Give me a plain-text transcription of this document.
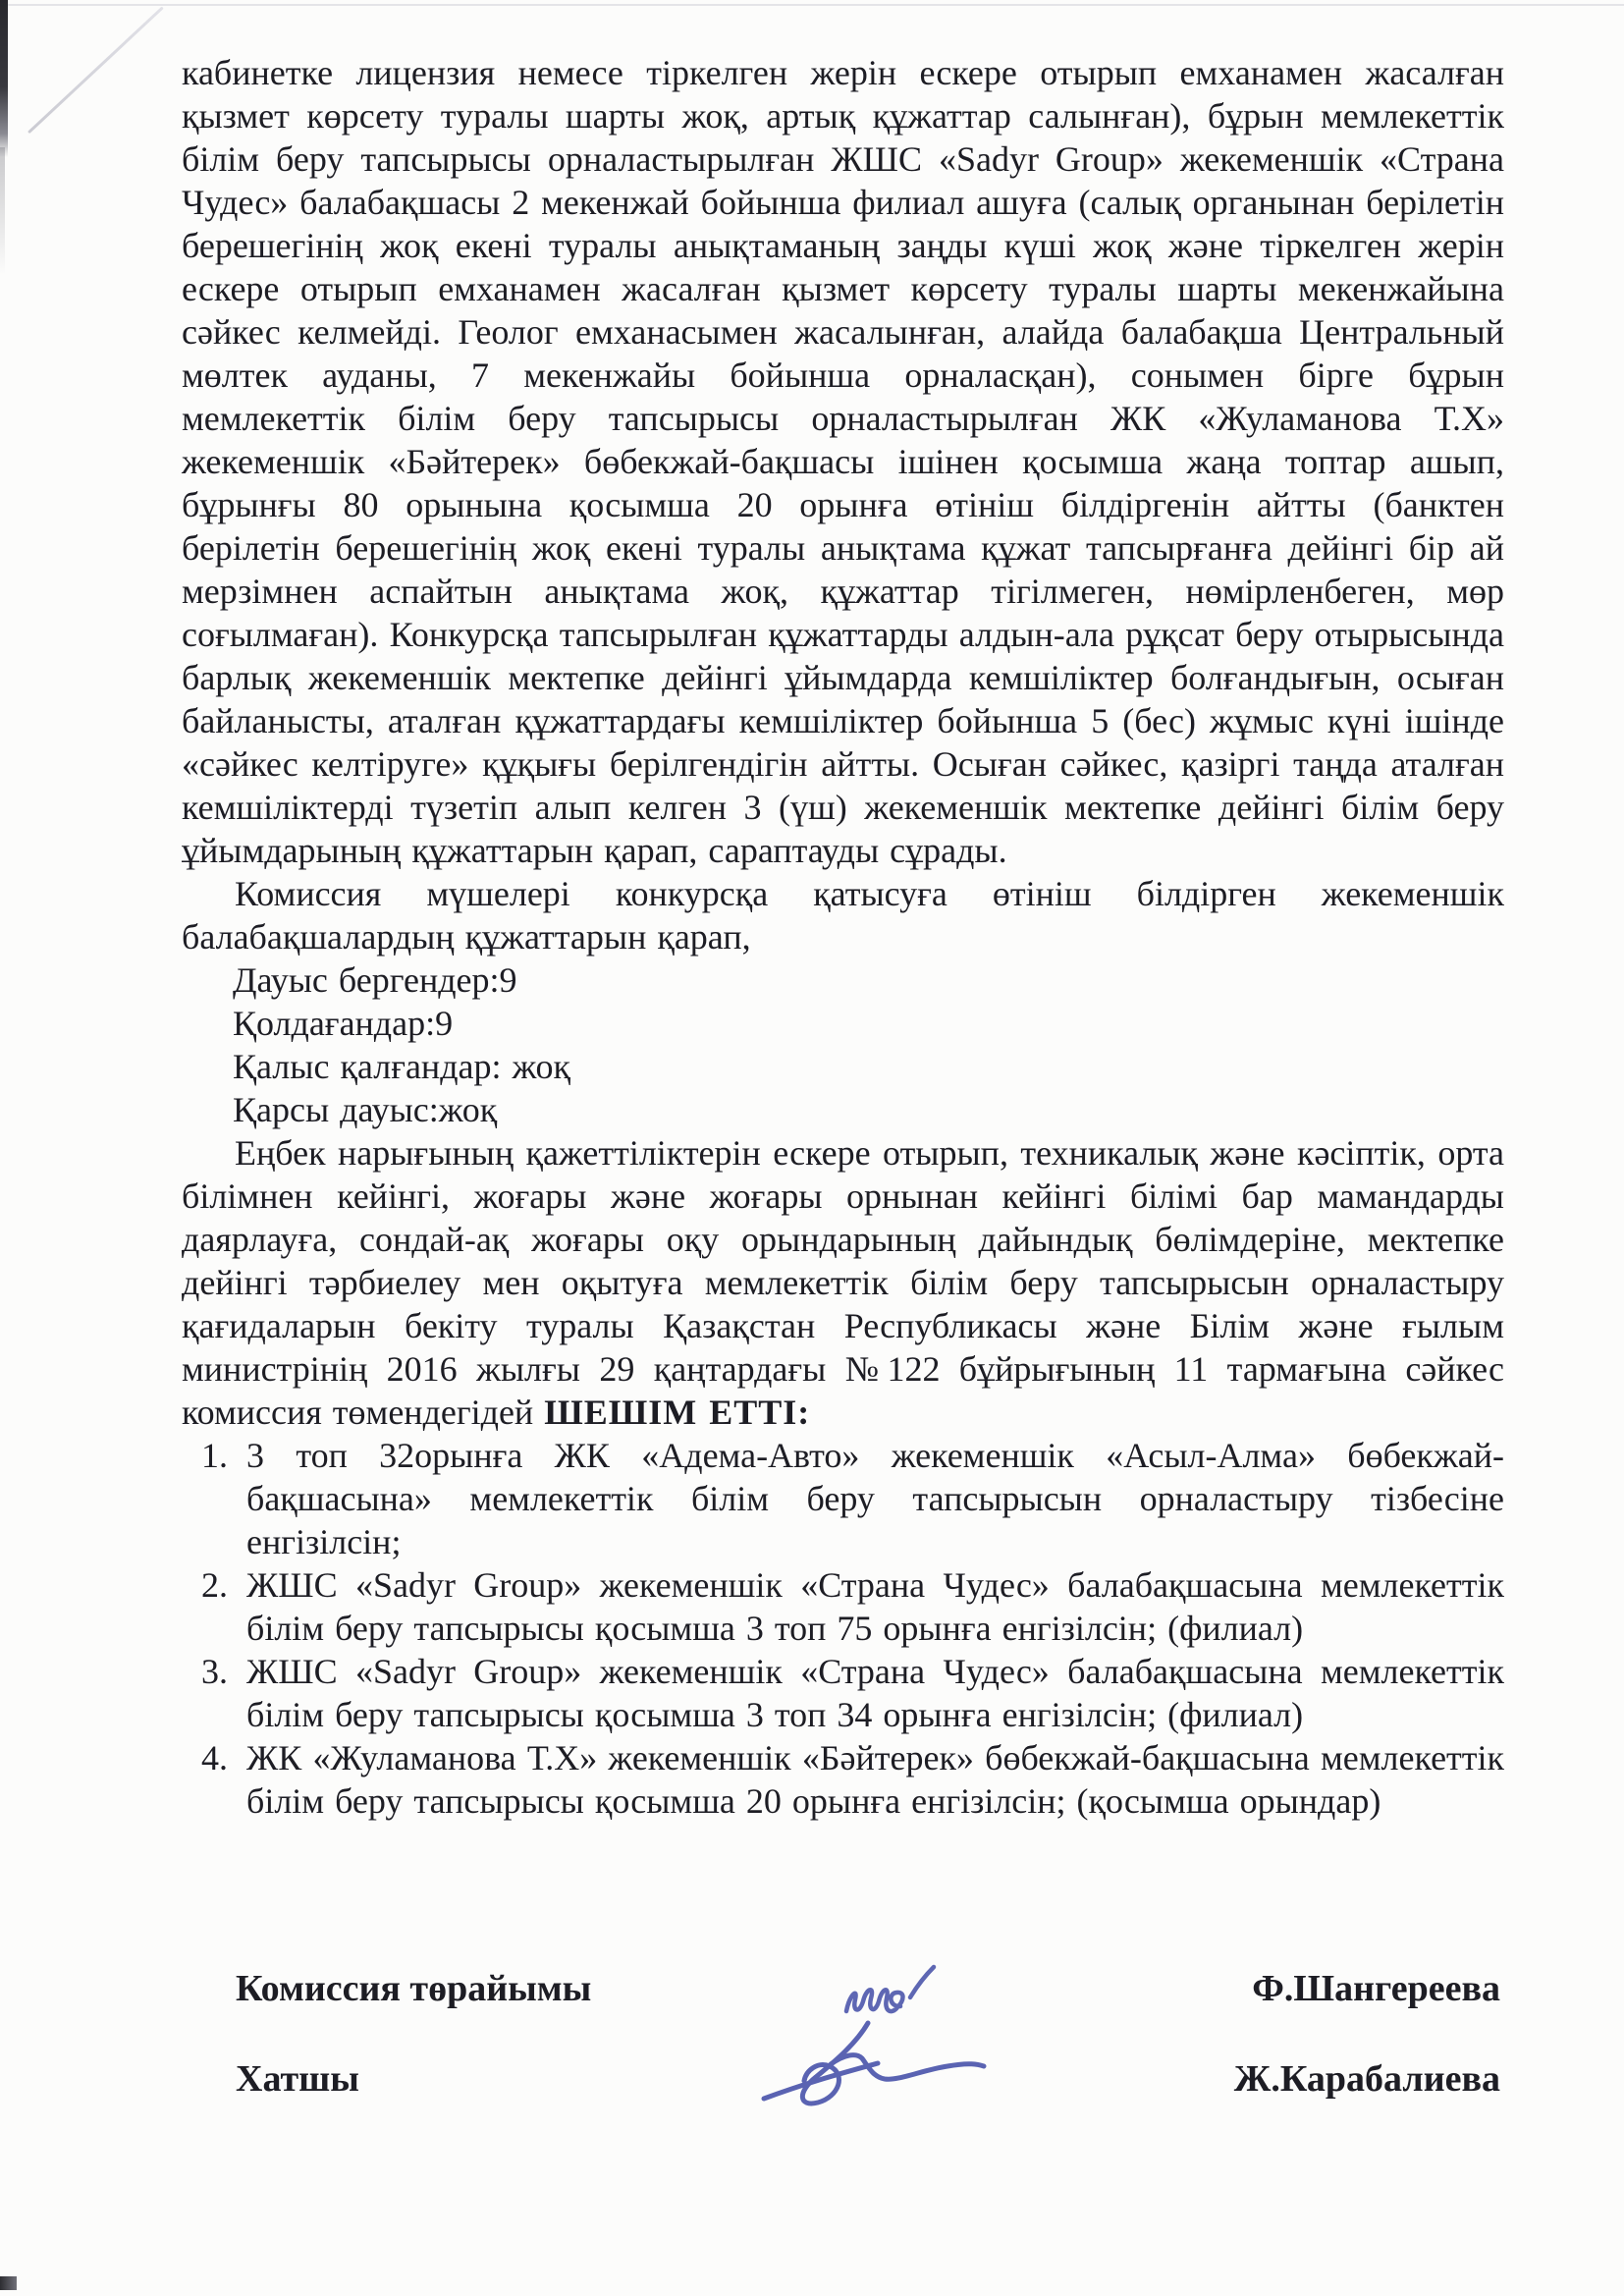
кабинетке лицензия немесе тіркелген жерін ескере отырып емханамен жасалған қызмет көрсету туралы шарты жоқ, артық құжаттар салынған), бұрын мемлекеттік білім беру тапсырысы орналастырылған ЖШС «Sadyr Group» жекеменшік «Страна Чудес» балабақшасы 2 мекенжай бойынша филиал ашуға (салық органынан берілетін берешегінің жоқ екені туралы анықтаманың заңды күші жоқ және тіркелген жерін ескере отырып емханамен жасалған қызмет көрсету туралы шарты мекенжайына сәйкес келмейді. Геолог емханасымен жасалынған, алайда балабақша Центральный мөлтек ауданы, 7 мекенжайы бойынша орналасқан), сонымен бірге бұрын мемлекеттік білім беру тапсырысы орналастырылған ЖК «Жуламанова Т.Х» жекеменшік «Бәйтерек» бөбекжай-бақшасы ішінен қосымша жаңа топтар ашып, бұрынғы 80 орынына қосымша 20 орынға өтініш білдіргенін айтты (банктен берілетін берешегінің жоқ екені туралы анықтама құжат тапсырғанға дейінгі бір ай мерзімнен аспайтын анықтама жоқ, құжаттар тігілмеген, нөмірленбеген, мөр соғылмаған). Конкурсқа тапсырылған құжаттарды алдын-ала рұқсат беру отырысында барлық жекеменшік мектепке дейінгі ұйымдарда кемшіліктер болғандығын, осыған байланысты, аталған құжаттардағы кемшіліктер бойынша 5 (бес) жұмыс күні ішінде «сәйкес келтіруге» құқығы берілгендігін айтты. Осыған сәйкес, қазіргі таңда аталған кемшіліктерді түзетіп алып келген 3 (үш) жекеменшік мектепке дейінгі білім беру ұйымдарының құжаттарын қарап, сараптауды сұрады.

Комиссия мүшелері конкурсқа қатысуға өтініш білдірген жекеменшік балабақшалардың құжаттарын қарап,

Дауыс бергендер:9
Қолдағандар:9
Қалыс қалғандар: жоқ
Қарсы дауыс:жоқ

Еңбек нарығының қажеттіліктерін ескере отырып, техникалық және кәсіптік, орта білімнен кейінгі, жоғары және жоғары орнынан кейінгі білімі бар мамандарды даярлауға, сондай-ақ жоғары оқу орындарының дайындық бөлімдеріне, мектепке дейінгі тәрбиелеу мен оқытуға мемлекеттік білім беру тапсырысын орналастыру қағидаларын бекіту туралы Қазақстан Республикасы және Білім және ғылым министрінің 2016 жылғы 29 қаңтардағы №122 бұйрығының 11 тармағына сәйкес комиссия төмендегідей ШЕШІМ ЕТТІ:

1. 3 топ 32орынға ЖК «Адема-Авто» жекеменшік «Асыл-Алма» бөбекжай-бақшасына» мемлекеттік білім беру тапсырысын орналастыру тізбесіне енгізілсін;
2. ЖШС «Sadyr Group» жекеменшік «Страна Чудес» балабақшасына мемлекеттік білім беру тапсырысы қосымша 3 топ 75 орынға енгізілсін; (филиал)
3. ЖШС «Sadyr Group» жекеменшік «Страна Чудес» балабақшасына мемлекеттік білім беру тапсырысы қосымша 3 топ 34 орынға енгізілсін; (филиал)
4. ЖК «Жуламанова Т.Х» жекеменшік «Бәйтерек» бөбекжай-бақшасына мемлекеттік білім беру тапсырысы қосымша 20 орынға енгізілсін; (қосымша орындар)
Комиссия төрайымы	Ф.Шангереева
Хатшы	Ж.Карабалиева
